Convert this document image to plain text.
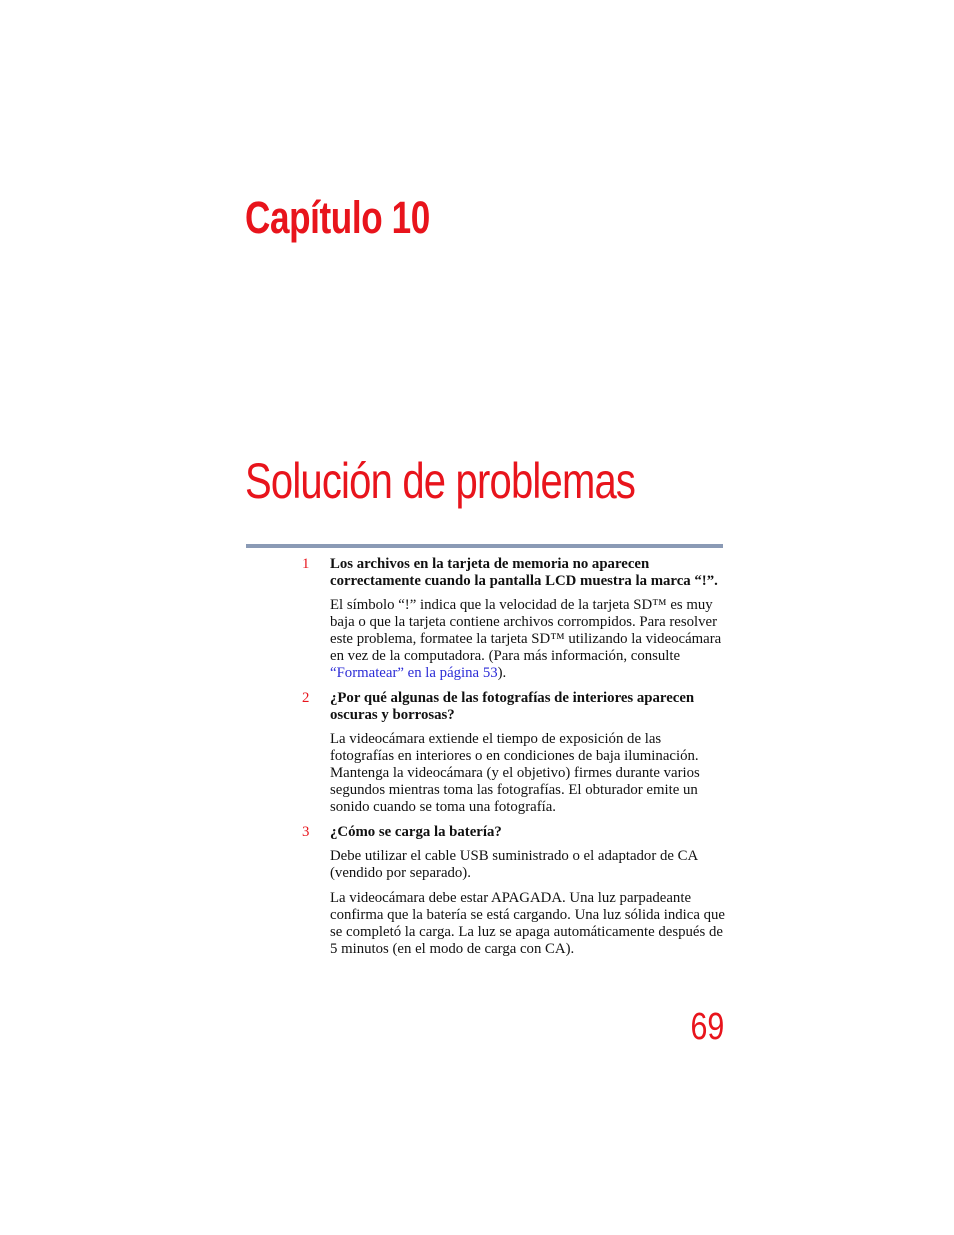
Capítulo 10
Solución de problemas
1 Los archivos en la tarjeta de memoria no aparecen correctamente cuando la pantalla LCD muestra la marca “!”.
El símbolo “!” indica que la velocidad de la tarjeta SD™ es muy baja o que la tarjeta contiene archivos corrompidos. Para resolver este problema, formatee la tarjeta SD™ utilizando la videocámara en vez de la computadora. (Para más información, consulte “Formatear” en la página 53).
2 ¿Por qué algunas de las fotografías de interiores aparecen oscuras y borrosas?
La videocámara extiende el tiempo de exposición de las fotografías en interiores o en condiciones de baja iluminación. Mantenga la videocámara (y el objetivo) firmes durante varios segundos mientras toma las fotografías. El obturador emite un sonido cuando se toma una fotografía.
3 ¿Cómo se carga la batería?
Debe utilizar el cable USB suministrado o el adaptador de CA (vendido por separado).
La videocámara debe estar APAGADA. Una luz parpadeante confirma que la batería se está cargando. Una luz sólida indica que se completó la carga. La luz se apaga automáticamente después de 5 minutos (en el modo de carga con CA).
69
